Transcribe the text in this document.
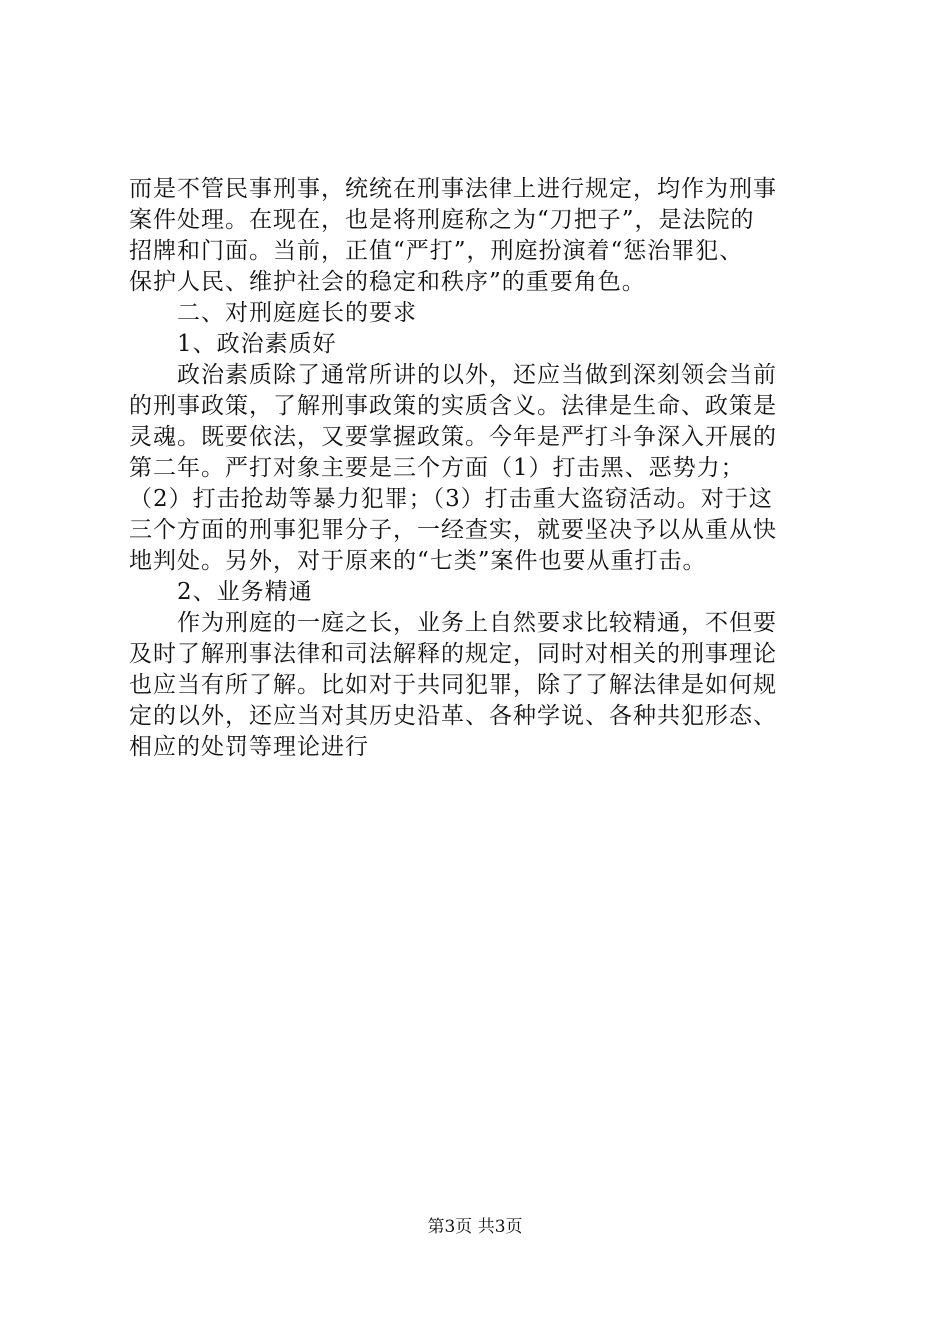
而是不管民事刑事，统统在刑事法律上进行规定，均作为刑事
案件处理。在现在，也是将刑庭称之为“刀把子”，是法院的
招牌和门面。当前，正值“严打”，刑庭扮演着“惩治罪犯、
保护人民、维护社会的稳定和秩序”的重要角色。
二、对刑庭庭长的要求
1、政治素质好
政治素质除了通常所讲的以外，还应当做到深刻领会当前
的刑事政策，了解刑事政策的实质含义。法律是生命、政策是
灵魂。既要依法，又要掌握政策。今年是严打斗争深入开展的
第二年。严打对象主要是三个方面（1）打击黑、恶势力；
（2）打击抢劫等暴力犯罪；（3）打击重大盗窃活动。对于这
三个方面的刑事犯罪分子，一经查实，就要坚决予以从重从快
地判处。另外，对于原来的“七类”案件也要从重打击。
2、业务精通
作为刑庭的一庭之长，业务上自然要求比较精通，不但要
及时了解刑事法律和司法解释的规定，同时对相关的刑事理论
也应当有所了解。比如对于共同犯罪，除了了解法律是如何规
定的以外，还应当对其历史沿革、各种学说、各种共犯形态、
相应的处罚等理论进行
第3页 共3页
